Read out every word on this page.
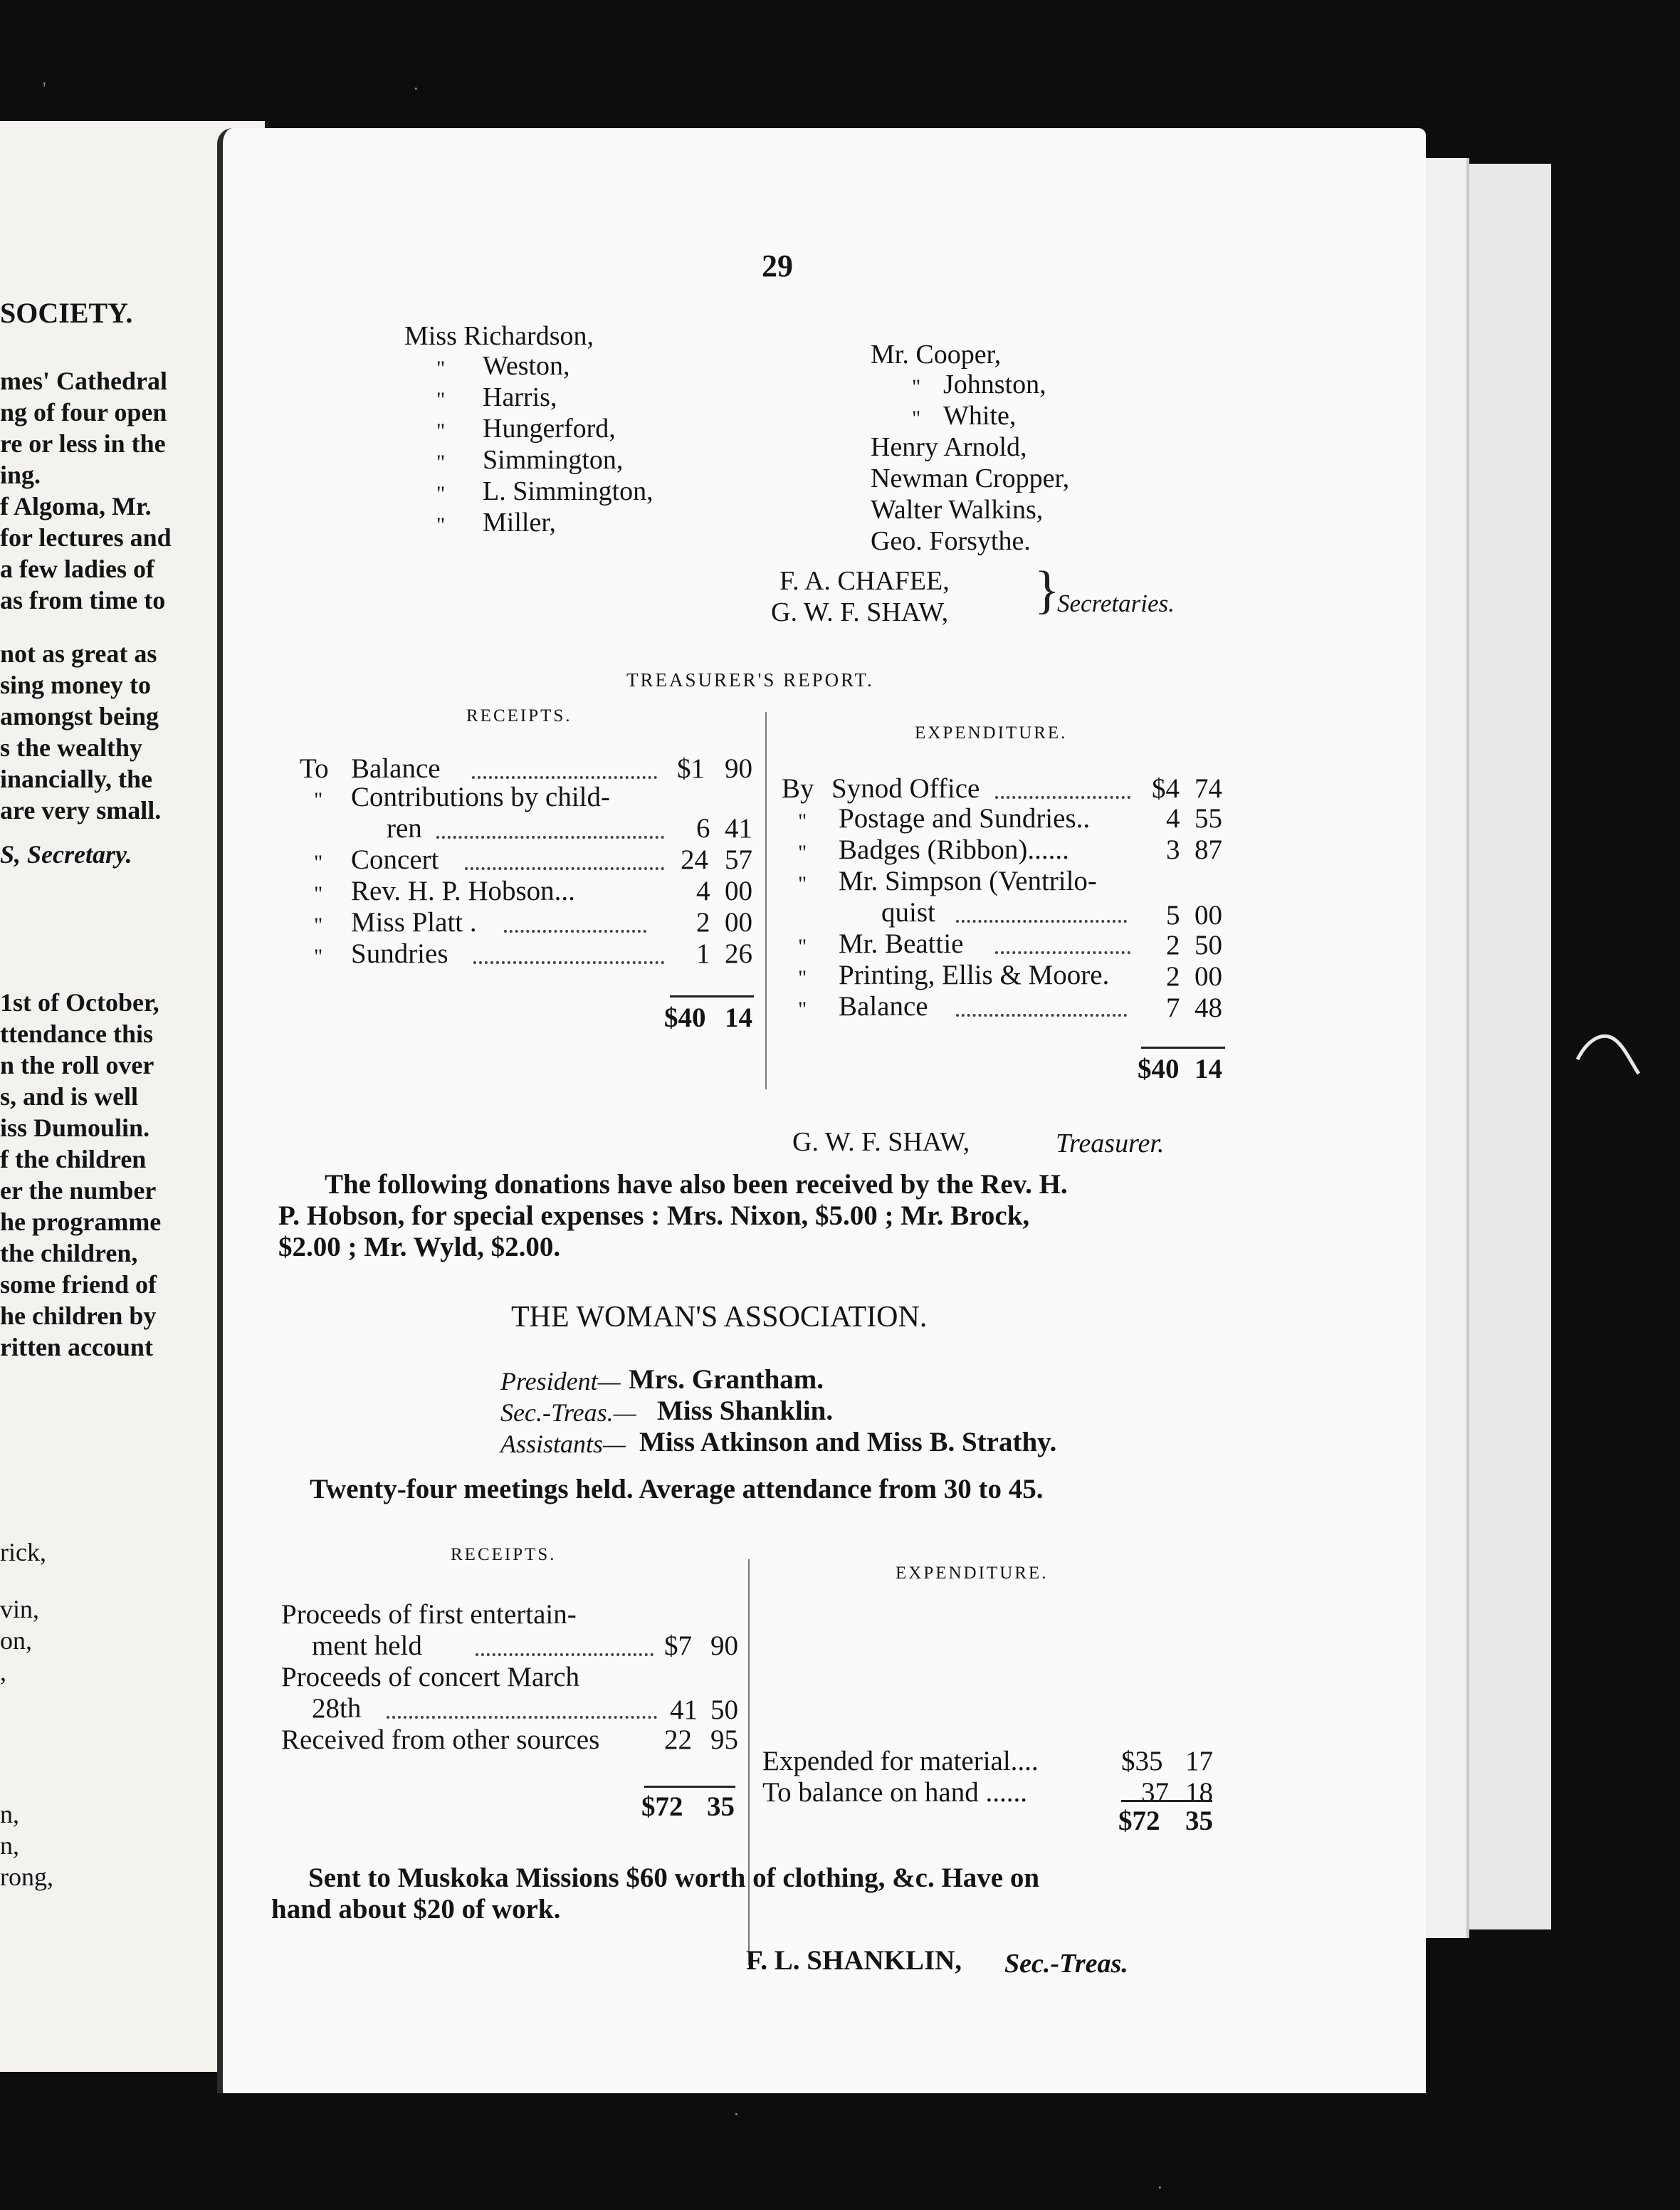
SOCIETY.
mes' Cathedral
ng of four open
re or less in the
ing.
f Algoma, Mr.
for lectures and
a few ladies of
as from time to
not as great as
sing money to
amongst being
s the wealthy
inancially, the
are very small.
S, Secretary.
1st of October,
ttendance this
n the roll over
s, and is well
iss Dumoulin.
f the children
er the number
he programme
the children,
some friend of
he children by
ritten account
rick,
vin,
on,
,
n,
n,
rong,
29
Miss Richardson,
" Weston,
" Harris,
" Hungerford,
" Simmington,
" L. Simmington,
" Miller,
Mr. Cooper,
" Johnston,
" White,
Henry Arnold,
Newman Cropper,
Walter Walkins,
Geo. Forsythe.
F. A. CHAFEE,
G. W. F. SHAW, }
Secretaries.
TREASURER'S REPORT.
RECEIPTS.
EXPENDITURE.
To Balance	$1 90
" Contributions by child-
ren	6 41
" Concert	24 57
" Rev. H. P. Hobson...	4 00
" Miss Platt .	2 00
" Sundries	1 26
$40 14
By Synod Office	$4 74
" Postage and Sundries..	4 55
" Badges (Ribbon)......	3 87
" Mr. Simpson (Ventrilo-
quist	5 00
" Mr. Beattie	2 50
" Printing, Ellis & Moore. 2 00
" Balance	7 48
$40 14
G. W. F. SHAW,	Treasurer.
The following donations have also been received by the Rev. H.
P. Hobson, for special expenses : Mrs. Nixon, $5.00 ; Mr. Brock,
$2.00 ; Mr. Wyld, $2.00.
THE WOMAN'S ASSOCIATION.
President— Mrs. Grantham.
Sec.-Treas.— Miss Shanklin.
Assistants— Miss Atkinson and Miss B. Strathy.
Twenty-four meetings held. Average attendance from 30 to 45.
RECEIPTS.
EXPENDITURE.
Proceeds of first entertain-
ment held	$7 90
Proceeds of concert March
28th	41 50
Received from other sources 22 95
$72 35
Expended for material....	$35 17
To balance on hand ......	37 18
$72 35
Sent to Muskoka Missions $60 worth of clothing, &c. Have on
hand about $20 of work.
F. L. SHANKLIN, Sec.-Treas.
'	·
·
·
